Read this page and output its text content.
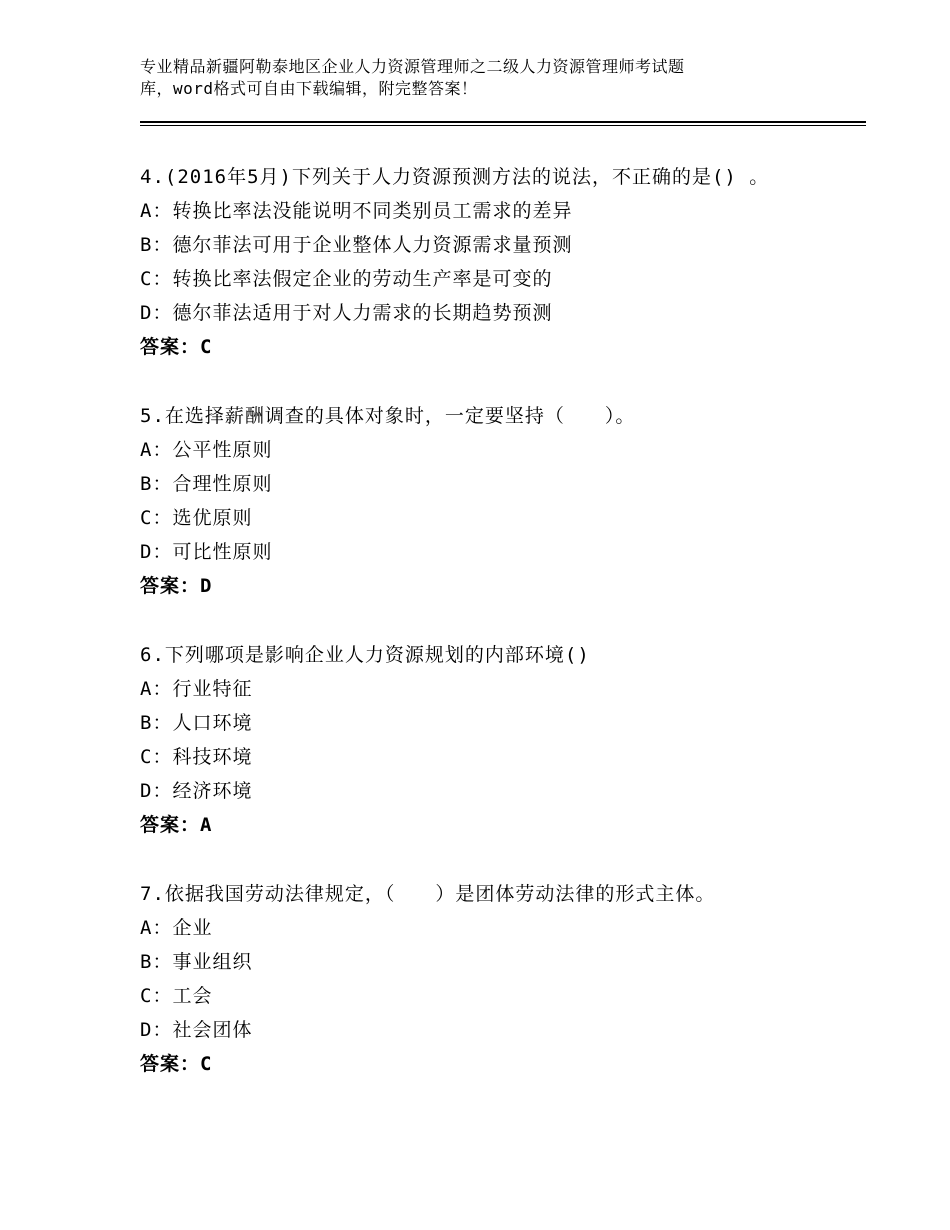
专业精品新疆阿勒泰地区企业人力资源管理师之二级人力资源管理师考试题
库，word格式可自由下载编辑，附完整答案！
4.(2016年5月)下列关于人力资源预测方法的说法，不正确的是() 。
A：转换比率法没能说明不同类别员工需求的差异
B：德尔菲法可用于企业整体人力资源需求量预测
C：转换比率法假定企业的劳动生产率是可变的
D：德尔菲法适用于对人力需求的长期趋势预测
答案：C
5.在选择薪酬调查的具体对象时，一定要坚持（　　）。
A：公平性原则
B：合理性原则
C：选优原则
D：可比性原则
答案：D
6.下列哪项是影响企业人力资源规划的内部环境()
A：行业特征
B：人口环境
C：科技环境
D：经济环境
答案：A
7.依据我国劳动法律规定，（　　）是团体劳动法律的形式主体。
A：企业
B：事业组织
C：工会
D：社会团体
答案：C
